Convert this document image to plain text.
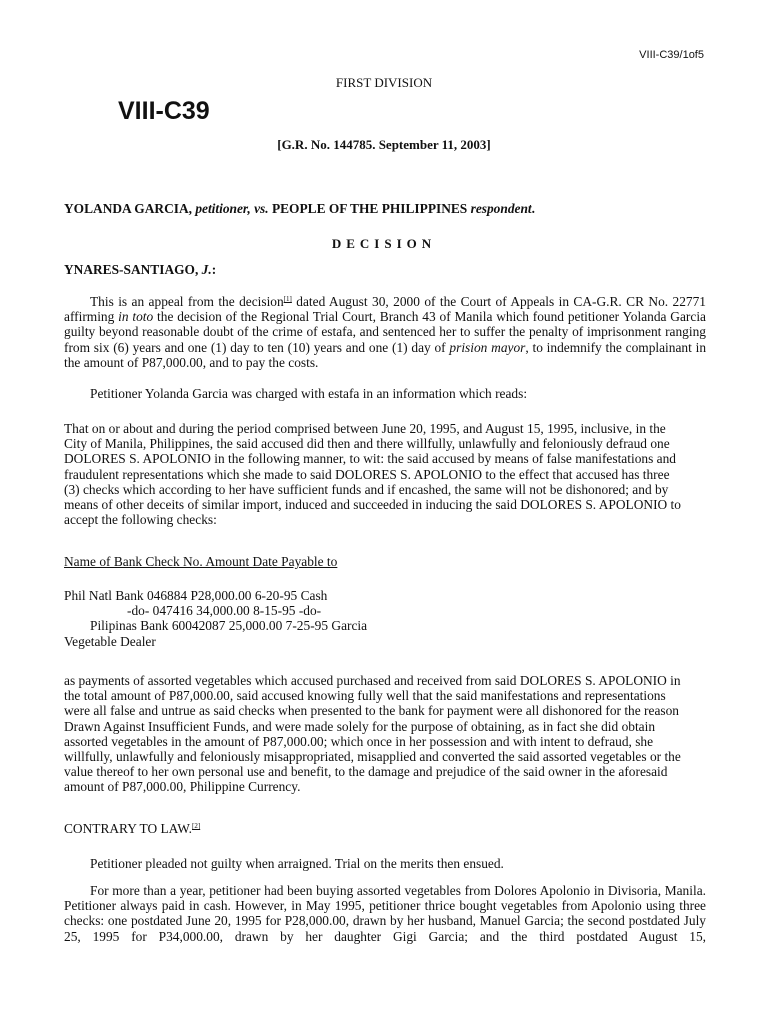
VIII-C39/1of5
FIRST DIVISION
VIII-C39
[G.R. No. 144785. September 11, 2003]
YOLANDA GARCIA, petitioner, vs. PEOPLE OF THE PHILIPPINES respondent.
DECISION
YNARES-SANTIAGO, J.:

This is an appeal from the decision[1] dated August 30, 2000 of the Court of Appeals in CA-G.R. CR No. 22771 affirming in toto the decision of the Regional Trial Court, Branch 43 of Manila which found petitioner Yolanda Garcia guilty beyond reasonable doubt of the crime of estafa, and sentenced her to suffer the penalty of imprisonment ranging from six (6) years and one (1) day to ten (10) years and one (1) day of prision mayor, to indemnify the complainant in the amount of P87,000.00, and to pay the costs.

Petitioner Yolanda Garcia was charged with estafa in an information which reads:

That on or about and during the period comprised between June 20, 1995, and August 15, 1995, inclusive, in the
City of Manila, Philippines, the said accused did then and there willfully, unlawfully and feloniously defraud one
DOLORES S. APOLONIO in the following manner, to wit: the said accused by means of false manifestations and
fraudulent representations which she made to said DOLORES S. APOLONIO to the effect that accused has three
(3) checks which according to her have sufficient funds and if encashed, the same will not be dishonored; and by
means of other deceits of similar import, induced and succeeded in inducing the said DOLORES S. APOLONIO to
accept the following checks:
Name of Bank Check No. Amount Date Payable to
Phil Natl Bank 046884 P28,000.00 6-20-95 Cash
-do- 047416 34,000.00 8-15-95 -do-
Pilipinas Bank 60042087 25,000.00 7-25-95 Garcia
Vegetable Dealer
as payments of assorted vegetables which accused purchased and received from said DOLORES S. APOLONIO in
the total amount of P87,000.00, said accused knowing fully well that the said manifestations and representations
were all false and untrue as said checks when presented to the bank for payment were all dishonored for the reason
Drawn Against Insufficient Funds, and were made solely for the purpose of obtaining, as in fact she did obtain
assorted vegetables in the amount of P87,000.00; which once in her possession and with intent to defraud, she
willfully, unlawfully and feloniously misappropriated, misapplied and converted the said assorted vegetables or the
value thereof to her own personal use and benefit, to the damage and prejudice of the said owner in the aforesaid
amount of P87,000.00, Philippine Currency.
CONTRARY TO LAW.[2]

Petitioner pleaded not guilty when arraigned. Trial on the merits then ensued.

For more than a year, petitioner had been buying assorted vegetables from Dolores Apolonio in Divisoria, Manila. Petitioner always paid in cash. However, in May 1995, petitioner thrice bought vegetables from Apolonio using three checks: one postdated June 20, 1995 for P28,000.00, drawn by her husband, Manuel Garcia; the second postdated July 25, 1995 for P34,000.00, drawn by her daughter Gigi Garcia; and the third postdated August 15,
